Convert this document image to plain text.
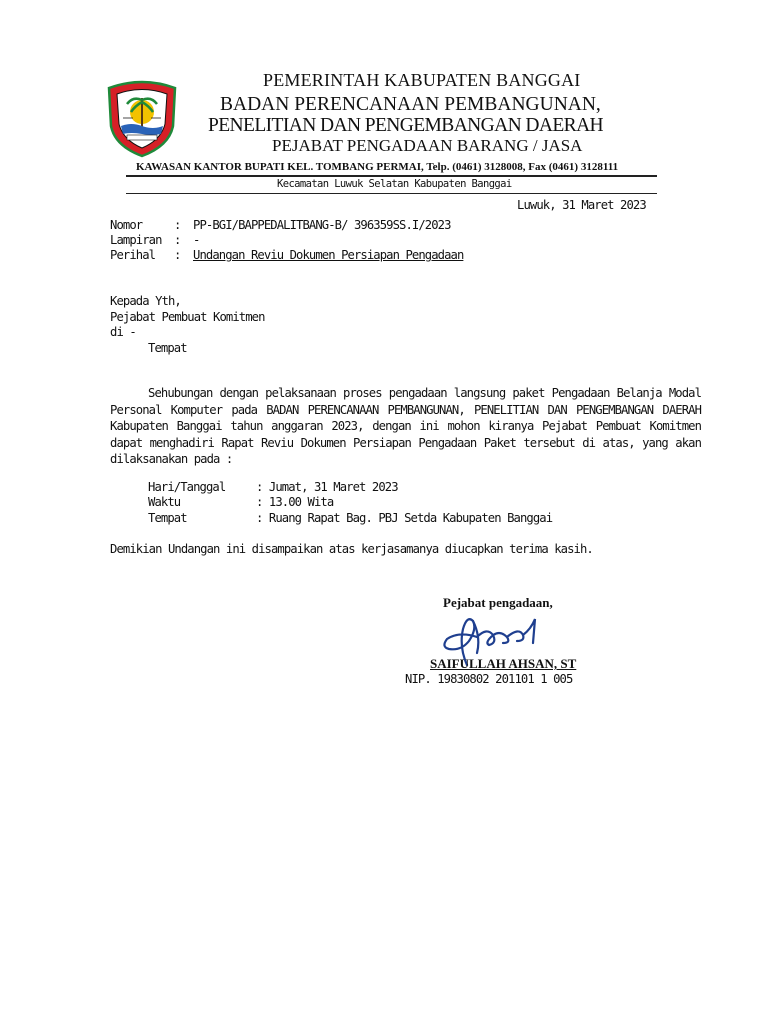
PEMERINTAH KABUPATEN BANGGAI
BADAN PERENCANAAN PEMBANGUNAN,
PENELITIAN DAN PENGEMBANGAN DAERAH
PEJABAT PENGADAAN BARANG / JASA
KAWASAN KANTOR BUPATI KEL. TOMBANG PERMAI, Telp. (0461) 3128008, Fax (0461) 3128111
Kecamatan Luwuk Selatan Kabupaten Banggai
Luwuk, 31 Maret 2023
Nomor	: PP-BGI/BAPPEDALITBANG-B/ 396359SS.I/2023
Lampiran : -
Perihal : Undangan Reviu Dokumen Persiapan Pengadaan
Kepada Yth,
Pejabat Pembuat Komitmen
di -
Tempat
Sehubungan dengan pelaksanaan proses pengadaan langsung paket Pengadaan Belanja Modal Personal Komputer pada BADAN PERENCANAAN PEMBANGUNAN, PENELITIAN DAN PENGEMBANGAN DAERAH Kabupaten Banggai tahun anggaran 2023, dengan ini mohon kiranya Pejabat Pembuat Komitmen dapat menghadiri Rapat Reviu Dokumen Persiapan Pengadaan Paket tersebut di atas, yang akan dilaksanakan pada :
Hari/Tanggal	: Jumat, 31 Maret 2023
Waktu	: 13.00 Wita
Tempat	: Ruang Rapat Bag. PBJ Setda Kabupaten Banggai
Demikian Undangan ini disampaikan atas kerjasamanya diucapkan terima kasih.
Pejabat pengadaan,
SAIFULLAH AHSAN, ST
NIP. 19830802 201101 1 005
